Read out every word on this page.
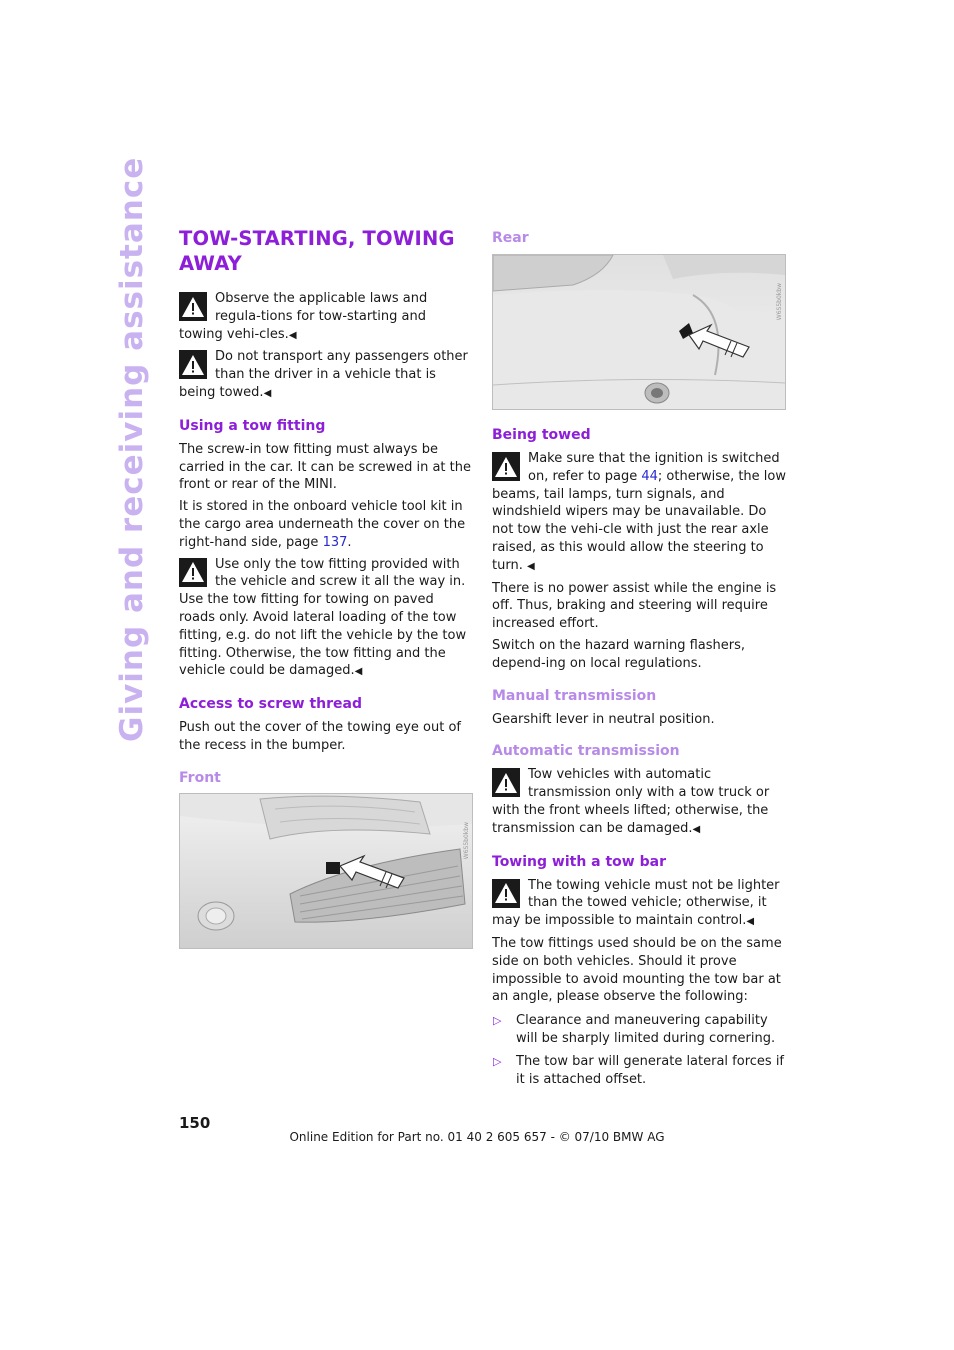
Giving and receiving assistance TOW-STARTING, TOWING AWAY

Observe the applicable laws and regula-tions for tow-starting and towing vehi-cles.◀

Do not transport any passengers other than the driver in a vehicle that is being towed.◀

Using a tow fitting

The screw-in tow fitting must always be carried in the car. It can be screwed in at the front or rear of the MINI.

It is stored in the onboard vehicle tool kit in the cargo area underneath the cover on the right-hand side, page 137.

Use only the tow fitting provided with the vehicle and screw it all the way in. Use the tow fitting for towing on paved roads only. Avoid lateral loading of the tow fitting, e.g. do not lift the vehicle by the tow fitting. Otherwise, the tow fitting and the vehicle could be damaged.◀

Access to screw thread

Push out the cover of the towing eye out of the recess in the bumper.

Front
W6S5b0kbw
Rear
W6S5b0kbw
Being towed

Make sure that the ignition is switched on, refer to page 44; otherwise, the low beams, tail lamps, turn signals, and windshield wipers may be unavailable. Do not tow the vehi-cle with just the rear axle raised, as this would allow the steering to turn. ◀

There is no power assist while the engine is off. Thus, braking and steering will require increased effort.

Switch on the hazard warning flashers, depend-ing on local regulations.

Manual transmission

Gearshift lever in neutral position.

Automatic transmission

Tow vehicles with automatic transmission only with a tow truck or with the front wheels lifted; otherwise, the transmission can be damaged.◀

Towing with a tow bar

The towing vehicle must not be lighter than the towed vehicle; otherwise, it may be impossible to maintain control.◀

The tow fittings used should be on the same side on both vehicles. Should it prove impossible to avoid mounting the tow bar at an angle, please observe the following:

▷ Clearance and maneuvering capability will be sharply limited during cornering.
▷ The tow bar will generate lateral forces if it is attached offset.
150
Online Edition for Part no. 01 40 2 605 657 - © 07/10 BMW AG
